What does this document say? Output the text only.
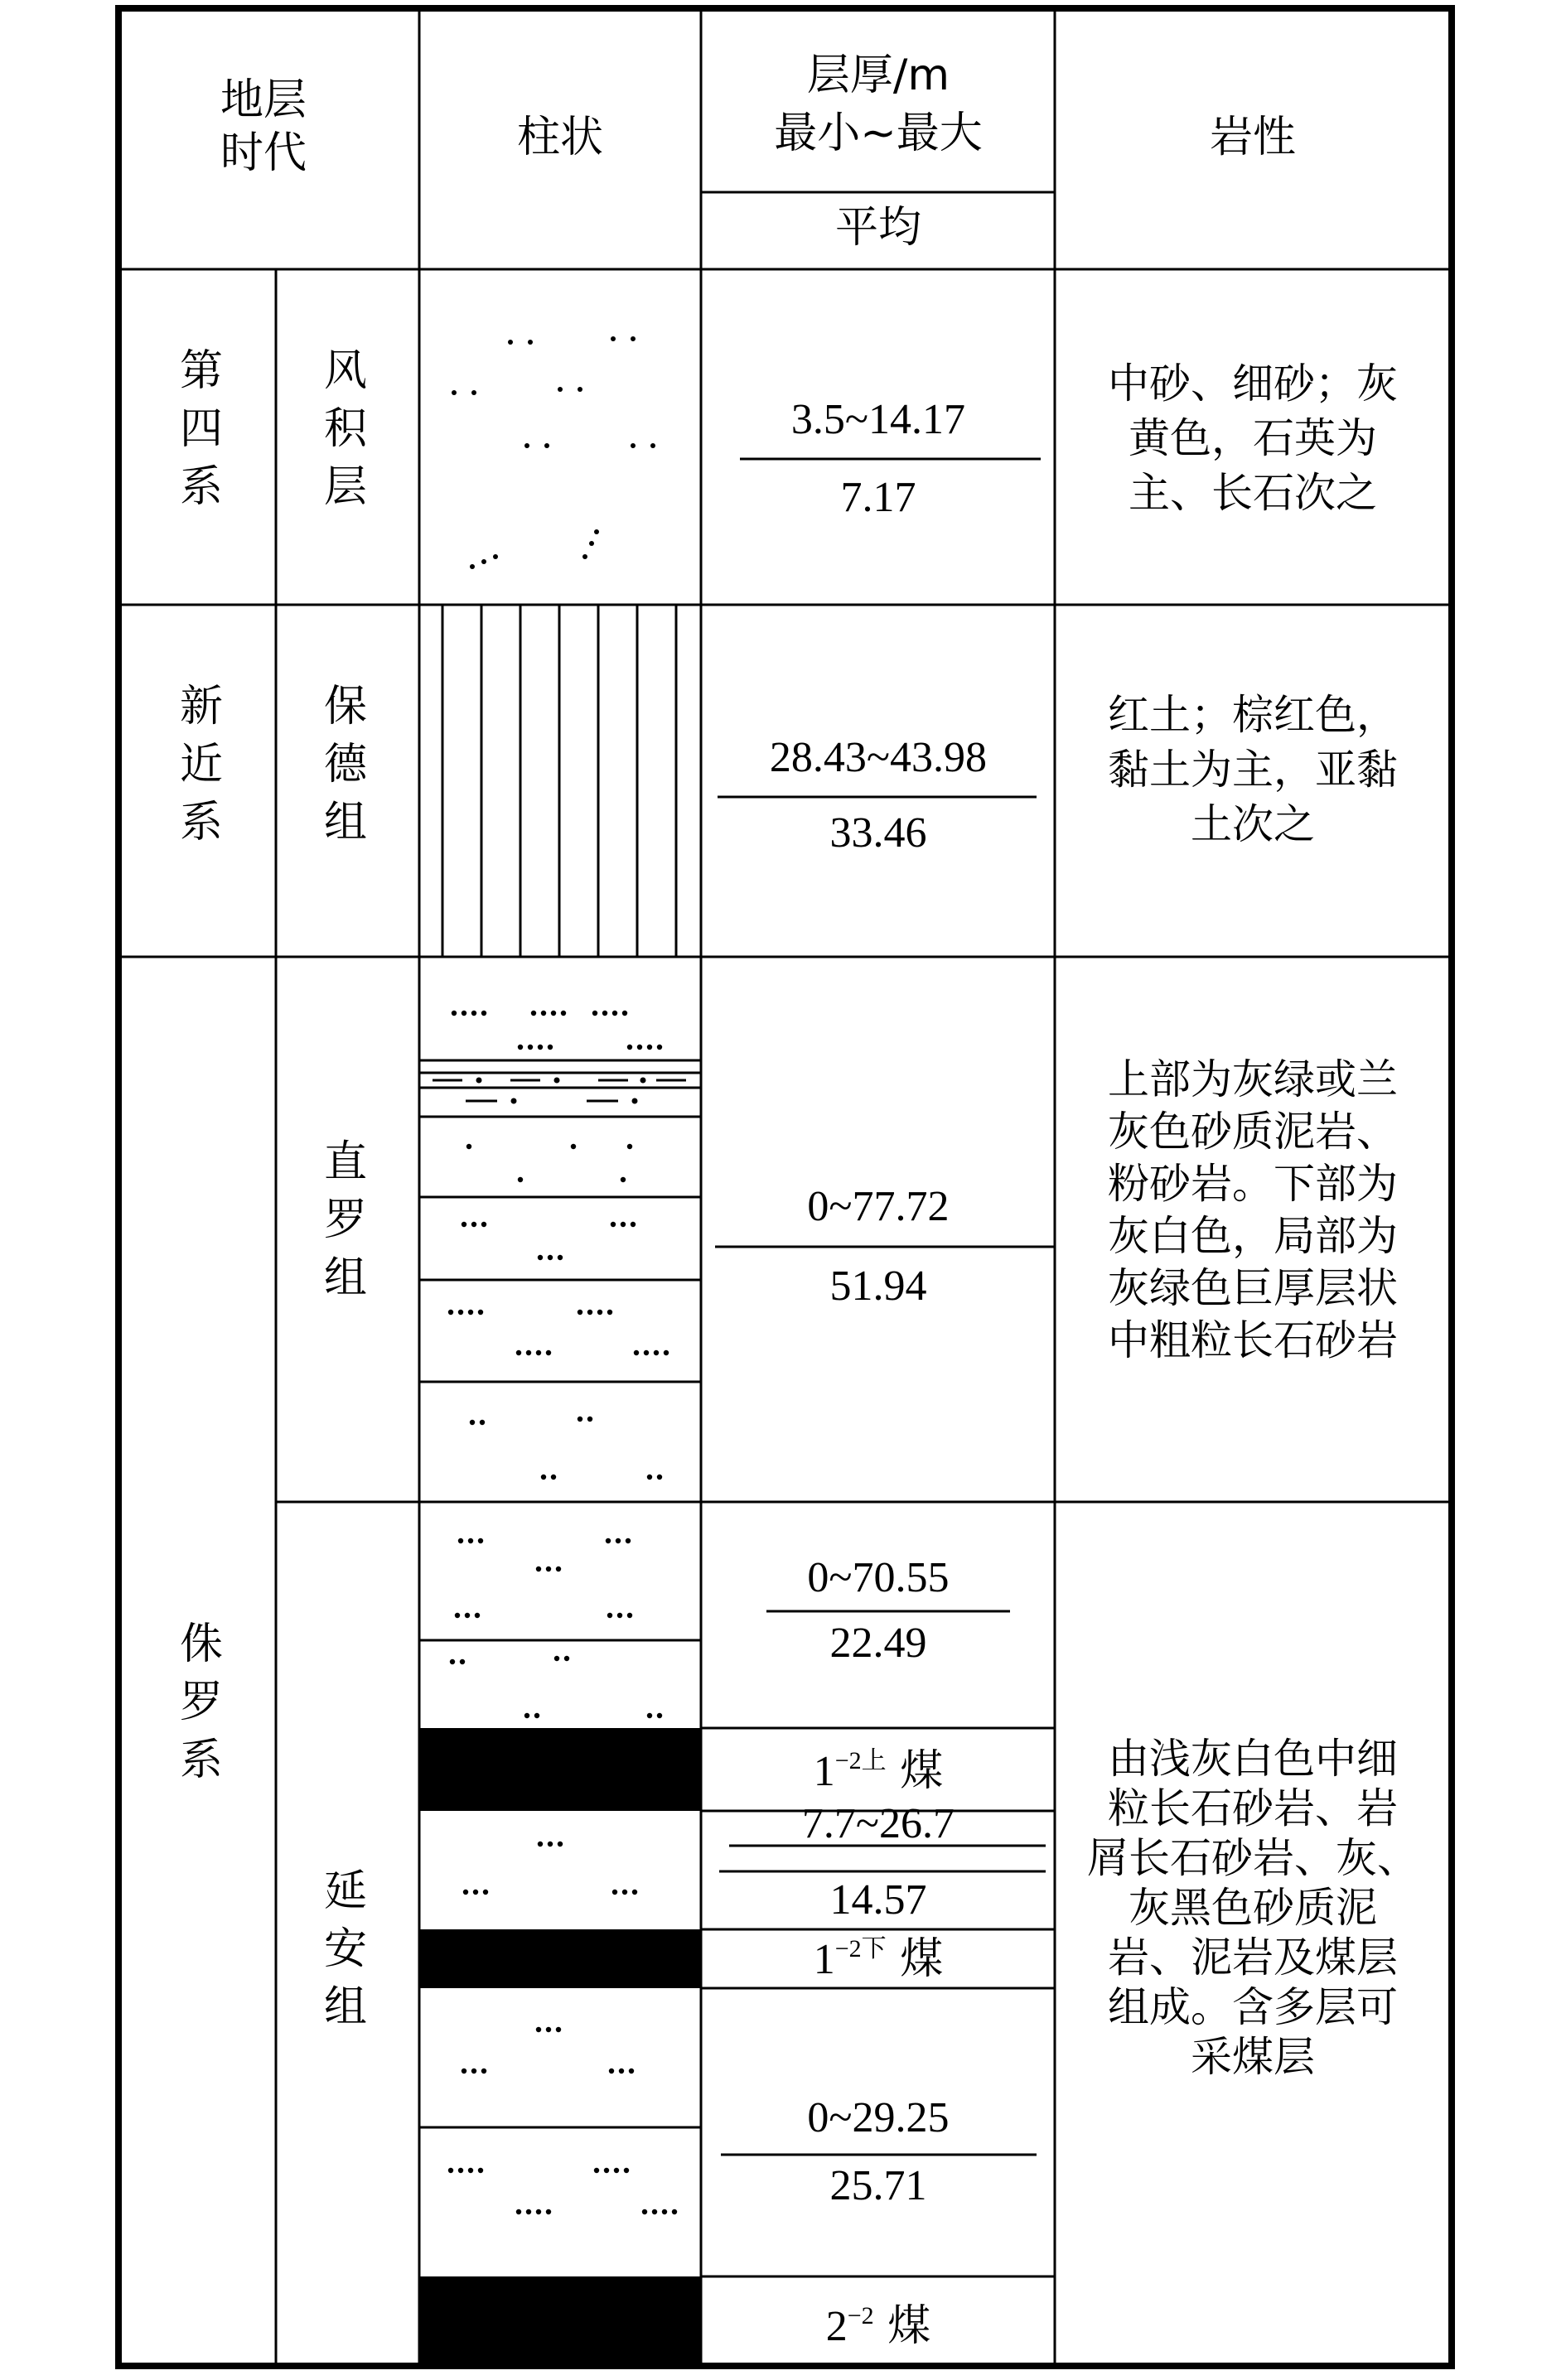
地层时代	柱状
层厚/m 最小~最大
平均
岩性
第四系
新近系
侏罗系
风积层
保德组
直罗组
延安组
3.5~14.17
7.17
28.43~43.98
33.46
0~77.72
51.94
0~70.55
22.49
7.7~26.7
14.57
0~29.25
25.71
$1^{-2上}$ 煤
$1^{-2下}$ 煤
$2^{-2}$ 煤
中砂、细砂；灰黄色，石英为主、长石次之
红土；棕红色，黏土为主，亚黏土次之
上部为灰绿或兰灰色砂质泥岩、粉砂岩。下部为灰白色，局部为灰绿色巨厚层状中粗粒长石砂岩
由浅灰白色中细粒长石砂岩、岩屑长石砂岩、灰、灰黑色砂质泥岩、泥岩及煤层组成。含多层可采煤层
